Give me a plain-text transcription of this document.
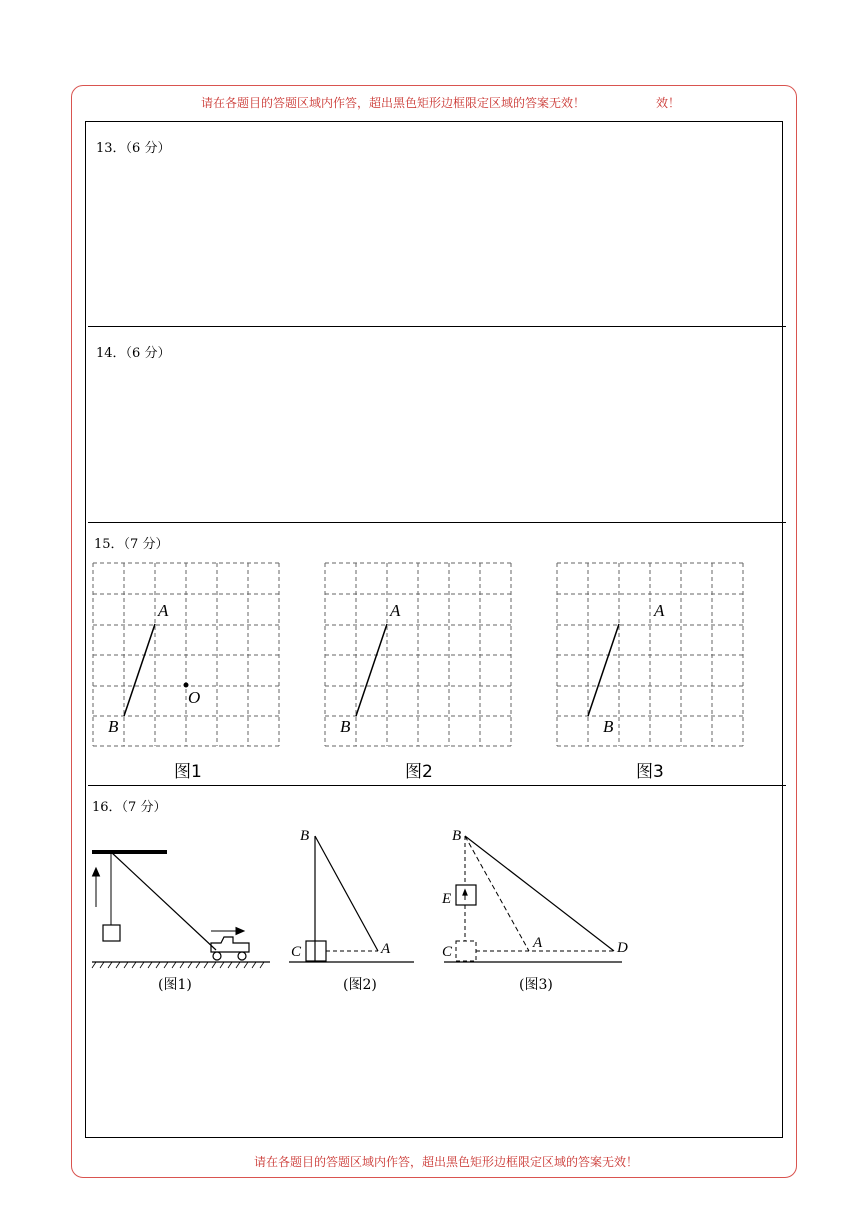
请在各题目的答题区域内作答，超出黑色矩形边框限定区域的答案无效！	效！
13．（6 分）
14．（6 分）
15．（7 分）
A
B
O
A
B
A
B
图1	图2	图3
16．（7 分）
B
C	A
B
E
C
A	D
(图1)	(图2)	(图3)
请在各题目的答题区域内作答，超出黑色矩形边框限定区域的答案无效！
